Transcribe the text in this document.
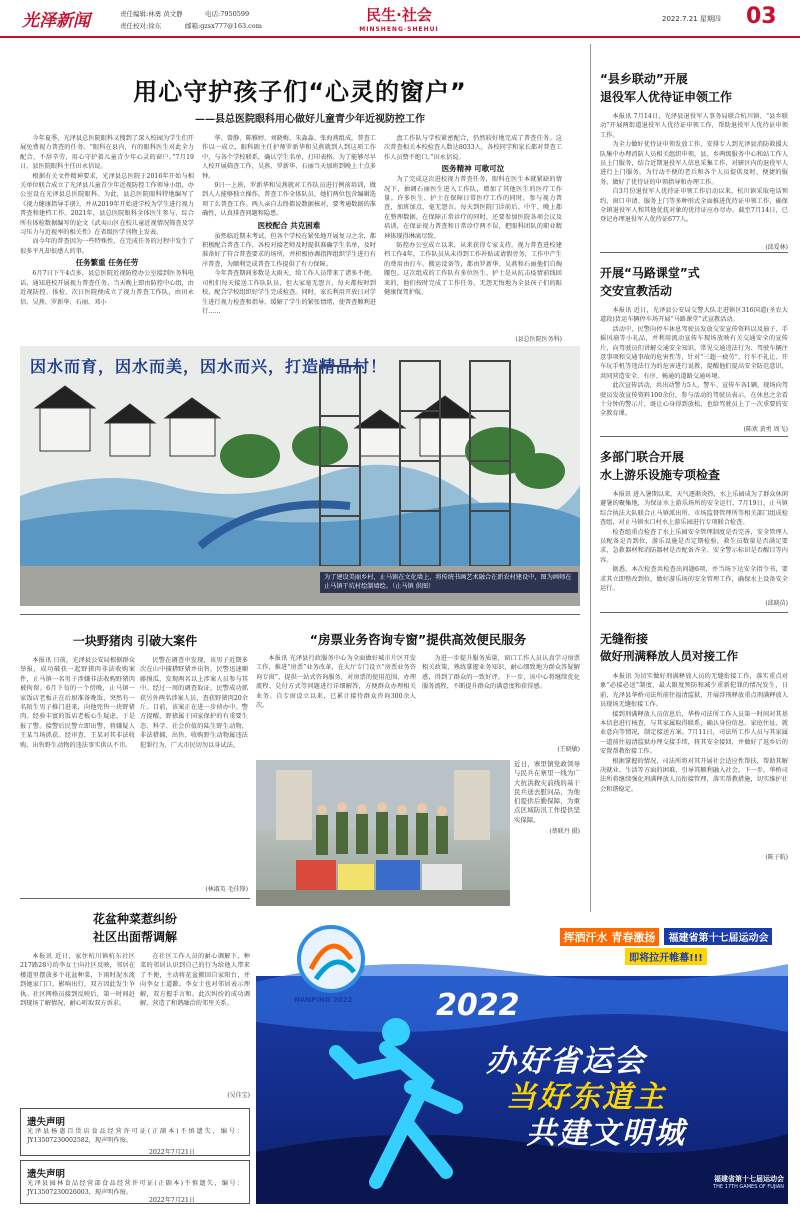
光泽新闻	责任编辑:林勇 黄文静	电话:7950599
责任校对:徐东	邮箱:gzsx777@163.com
民生·社会
MINSHENG·SHEHUI
2022.7.21 星期四 03
用心守护孩子们“心灵的窗户”
——县总医院眼科用心做好儿童青少年近视防控工作

今年夏季，光泽县总医院眼科又搜到了深入校园为学生们开展免费视力普查的任务。“眼科在县内，有的眼科医生对此全力配合，不辞辛劳，用心守护着儿童青少年心灵的窗户。”7月19日，县医院眼科主任田永信说。

根据有关文件精神要求，光泽县总医院于2016年开始与相关单位联合成立了光泽县儿童青少年近视防控工作领导小组，办公室设在光泽县总医院眼科。为此，县总医院眼科特地编写了《视力健康指导手册》，并从2019年开始进学校为学生进行视力普查和建档工作。2021年，县总医院眼科全体医生参与、综合所有体检数据编写的论文《武夷山区在校儿童近视情况筛查及学习压力与近视率的相关性》在省级医学刊物上发表。

而今年的普查因为一些特殊性，在完成任务的过程中发生了很多平凡却很感人的事。

任务繁重 任务任劳

6月7日下午4点多，县总医院近视防控办公室接到医务科电话，通知进校开展视力普查任务。当天晚上即由防控中心组，由近视防控、体检、次日医院便成立了视力普查工作队，由田永信、吴燕、罗新华、石丽、邓小

华、曾静、陈雅婷、刘晓梅、朱淼淼、张海燕组成。普查工作以一成立，眼科副主任护师罗新华和吴燕就到人到这项工作中，与各个学校联系，确认学生名单，打印表格。为了能够尽早人校开展筛查工作，吴燕、罗新华、石丽当天加班到晚上十点多钟。

9日一上班，罗新华和吴燕就对工作队员进行例前培训，做到人人能够独立操作。普查工作全体队员，她们两位包含编辑选项了么普查工作。两人亲自去终都说数据核对，要考通数据的准确性，认真排查问题和隐患。

医校配合 共克困难

虽然临近期末考试，但各个学校在紧张地开展复习之余，都积极配合普查工作，各校对接老师及时提供准确学生名单，及时准备好了符合普查要求的场所，并积极协调指挥组织学生进行有序普查，为顺利完成普查工作提供了有力保障。

今年普查期间多数是大雨天，给工作人员带来了诸多不便。司机们每天接送工作队队员，但大家毫无怨言，每天都按时到校，配合学校组织好学生完成检查。同时，家长利用开放日对学生进行视力检查和指导，缓解了学生的紧张情绪，使普查顺利进行……

盘工作队与学校紧密配合，仍然较好地完成了普查任务。这次普查相关本校检查人数达8033人，各校同学和家长都对普查工作人员赞不绝口。”田永信说。

医务精神 可歌可泣

为了完成这次进校视力普查任务，眼科在医生本就紧缺的情况下，抽调石丽医生进入工作队，增加了其他医生的医疗工作量。许多医生、护士在保障日常医疗工作的同时，参与视力普查，加班加点，毫无怨言。每天到医院门诊前后、中午、晚上都在整理数据，在保障正常诊疗的同时，还要参加医院各项会议及培训，在保证视力普查和日常诊疗两不误，把眼科团队的职业精神体现得淋漓尽致。

防控办公室成立以来，从来获得专家支持。视力普查进校建档工作4年，工作队员从未得到工作补贴或请假旁务，工作中产生的费用由打车、搬运设备等，都由罗新华、吴燕和石丽他们自掏腰包。这次组成的工作队有多位医生、护士是从抗击疫情前线回来的，他们按时完成了工作任务，无怨无悔地为全县孩子们的眼健康保驾护航。

(县总医院医务科)
因水而育，因水而美，因水而兴，打造精品村！
为了建设美丽乡村，止马镇在文化墙上，将传统书画艺术融合在新农村建设中，图为画师在止马镇干坑村绘制墙绘。（止马镇 供图）
“县乡联动”开展
退役军人优待证申领工作

本报讯 7月14日，光泽县退役军人事务局联合杭川镇、“县乡联动”开展两街道退役军人优待证申领工作，帮助退役军人优待证申领工作。

为全力做好优待证申领发放工作，安排专人到光泽县消防救援大队集中办理消防人员相关组织申领，县、乡两级服务中心和站工作人员上门服务，结合近期退役军人信息采集工作，对辖区内的退役军人进行上门服务，为行动不便的老兵和各个人员提供及时、便捷的服务，做好了优待证的申领指导和办理工作。

自3月份退役军人优待证申领工作启动以来，杭川镇采取电话预约、窗口申请、服务上门等多种形式全面推进优待证申领工作，确保全镇退役军人和其他优抚对象的优待证应办尽办。截至7月14日，已登记办理退役军人优待证677人。

(邱爱林)
开展“马路课堂”式
交安宣教活动

本报讯 近日，光泽县公安局交警大队走进镇区316国道(圣农大道段)货运车辆停车场开展“马路课堂”式宣教活动。

活动中，民警向停车休息驾驶员发放交安宣传资料以及扇子、手摇风扇等小礼品，并利用流动宣传车现场放映有关交通安全的宣传片，向驾驶员们讲解交通安全知识、常见交通违法行为、驾驶车辆注意事项和交通事故的危害性等，针对“三超一疲劳”、行车不礼让、开车玩手机等违法行为的危害进行说教，提醒他们提高安全防范意识，共同营造安全、有序、畅通的道路交通环境。

此次宣传活动，共出动警力5人，警车、宣传车各1辆，现场向驾驶员发放宣传资料100余份，参与活动的驾驶员表示，在休息之余看十分钟的警示片，既让心身得到放松，也给驾驶员上了一次重要的安全教育课。

(陈欢 黄勇 周飞)
多部门联合开展
水上游乐设施专项检查

本报讯 进入暑期以来，天气逐渐炎热，水上乐园成为了群众休闲避暑的聚集地，为保证水上游乐场所的安全运行，7月19日，止马镇综合执法大队联合止马镇派出所、市场监督管理所等相关部门组成检查组，对止马镇水口村水上游乐园进行专项联合检查。

检查组重点检查了水上乐园安全管理制度是否完善，安全管理人员配备是否到位，游乐设施是否定期检验，救生员数量是否满足要求，急救器材和消防器材是否配备齐全、安全警示标识是否醒目等内容。

据悉，本次检查共检查出问题6项，并当场下达安全指令书，要求其立即整改到位，做好游乐场的安全管理工作，确保水上设备安全运行。

(邱晓苗)
无缝衔接
做好刑满释放人员对接工作

本报讯 为切实做好刑满释放人员的无缝衔接工作，落实重点对象“必接必送”制度，最大限度预防和减少重新犯罪的情况发生，日前，光泽县华桥司法所前往福清监狱，开展涉刑释放重点刑满释放人员现场无缝衔接工作。

接到刑满释放人员信息后，华桥司法所工作人员第一时间对其基本信息进行核查，与其家属取得联系，确认身份信息、家庭住址、就业意向等情况，制定接送方案。7月11日，司法所工作人员与其家属一道前往福清监狱办理交接手续，将其安全接回，并做好了返乡后的安置帮教衔接工作。

根据掌握的情况，司法所将对其开展社会适应性帮扶，帮助其解决就业、生活等方面的困难，引导其顺利融入社会。下一步，华桥司法所将继续强化刑满释放人员衔接管理，落实帮教措施，切实维护社会和谐稳定。

(陈子航)
一块野猪肉 引破大案件

本报讯 日前，光泽县公安局根据群众举报，成功破获一起野猪肉非法收购案件，止马镇一名男子涉嫌非法收购野猪肉被拘留。6月下旬的一个傍晚，止马镇一家饭店老板正在后厨准备晚饭，突然有一名陌生男子推门进来，向他兜售一块野猪肉。经验丰富的饭店老板心生疑虑，于是报了警。接警后民警立即出警，将嫌疑人王某当场抓获。经审查，王某对其非法收购、出售野生动物的违法事实供认不讳。

民警在调查中发现，该男子近期多次在山中捕猎野猪并出售，民警迅速顺藤摸瓜，发现两名以上涉案人员参与其中。经过一周的调查取证，民警成功抓获另外两名涉案人员，查获野猪肉20余斤。目前，该案正在进一步侦办中。警方提醒，野猪属于国家保护的有重要生态、科学、社会价值的陆生野生动物，非法猎捕、出售、收购野生动物属违法犯罪行为，广大市民切勿以身试法。

(林淑英 毛佳锋)
“房票业务咨询专窗”提供高效便民服务

本报讯 光泽县行政服务中心为全面做好城市片区开发工作，推进“房票”业务改革，在大厅专门设立“房票业务咨询专窗”，提供一站式咨询服务，对房票的使用范围、办理流程、兑付方式等问题进行详细解答，方便群众办理相关业务。自专窗设立以来，已累计接待群众咨询300余人次。

为进一步提升服务质量，窗口工作人员认真学习房票相关政策，熟练掌握业务知识，耐心细致地为群众答疑解惑，得到了群众的一致好评。下一步，该中心将继续优化服务流程，不断提升群众的满意度和获得感。

(王晓敏)
近日，寨里镇党政领导与民兵在寨里一线为广大抗洪救灾前线的基干民兵送去慰问品，为他们提供后勤保障，为重点区域防汛工作提供坚实保障。
(蔡联丹 摄)
花盆种菜惹纠纷
社区出面帮调解

本报讯 近日，家住杭川镇杭东社区217路28号的李女士向社区反映，邻居在楼道里摆放多个花盆种菜，下雨时泥水流到她家门口，影响出行，双方因此发生争执。社区网格员接到反映后，第一时间赶到现场了解情况，耐心听取双方诉求。

在社区工作人员的耐心调解下，种菜的邻居认识到自己的行为给他人带来了不便，主动将花盆搬回自家阳台，并向李女士道歉。李女士也对邻居表示理解，双方握手言和。此次纠纷的成功调解，营造了和谐融洽的邻里关系。

(吴佳宝)
遗失声明
光泽县杨惠百货店食品经营许可证(正副本)不慎遗失，编号：JY13507230002582，现声明作废。
2022年7月21日
遗失声明
光泽县园林食品经营部食品经营许可证(正副本)不慎遗失，编号：JY13507230026003，现声明作废。
2022年7月21日
NANPING 2022
挥洒汗水 青春激扬 福建省第十七届运动会 即将拉开帷幕!!!
2022
办好省运会
当好东道主
共建文明城
福建省第十七届运动会
THE 17TH GAMES OF FUJIAN
